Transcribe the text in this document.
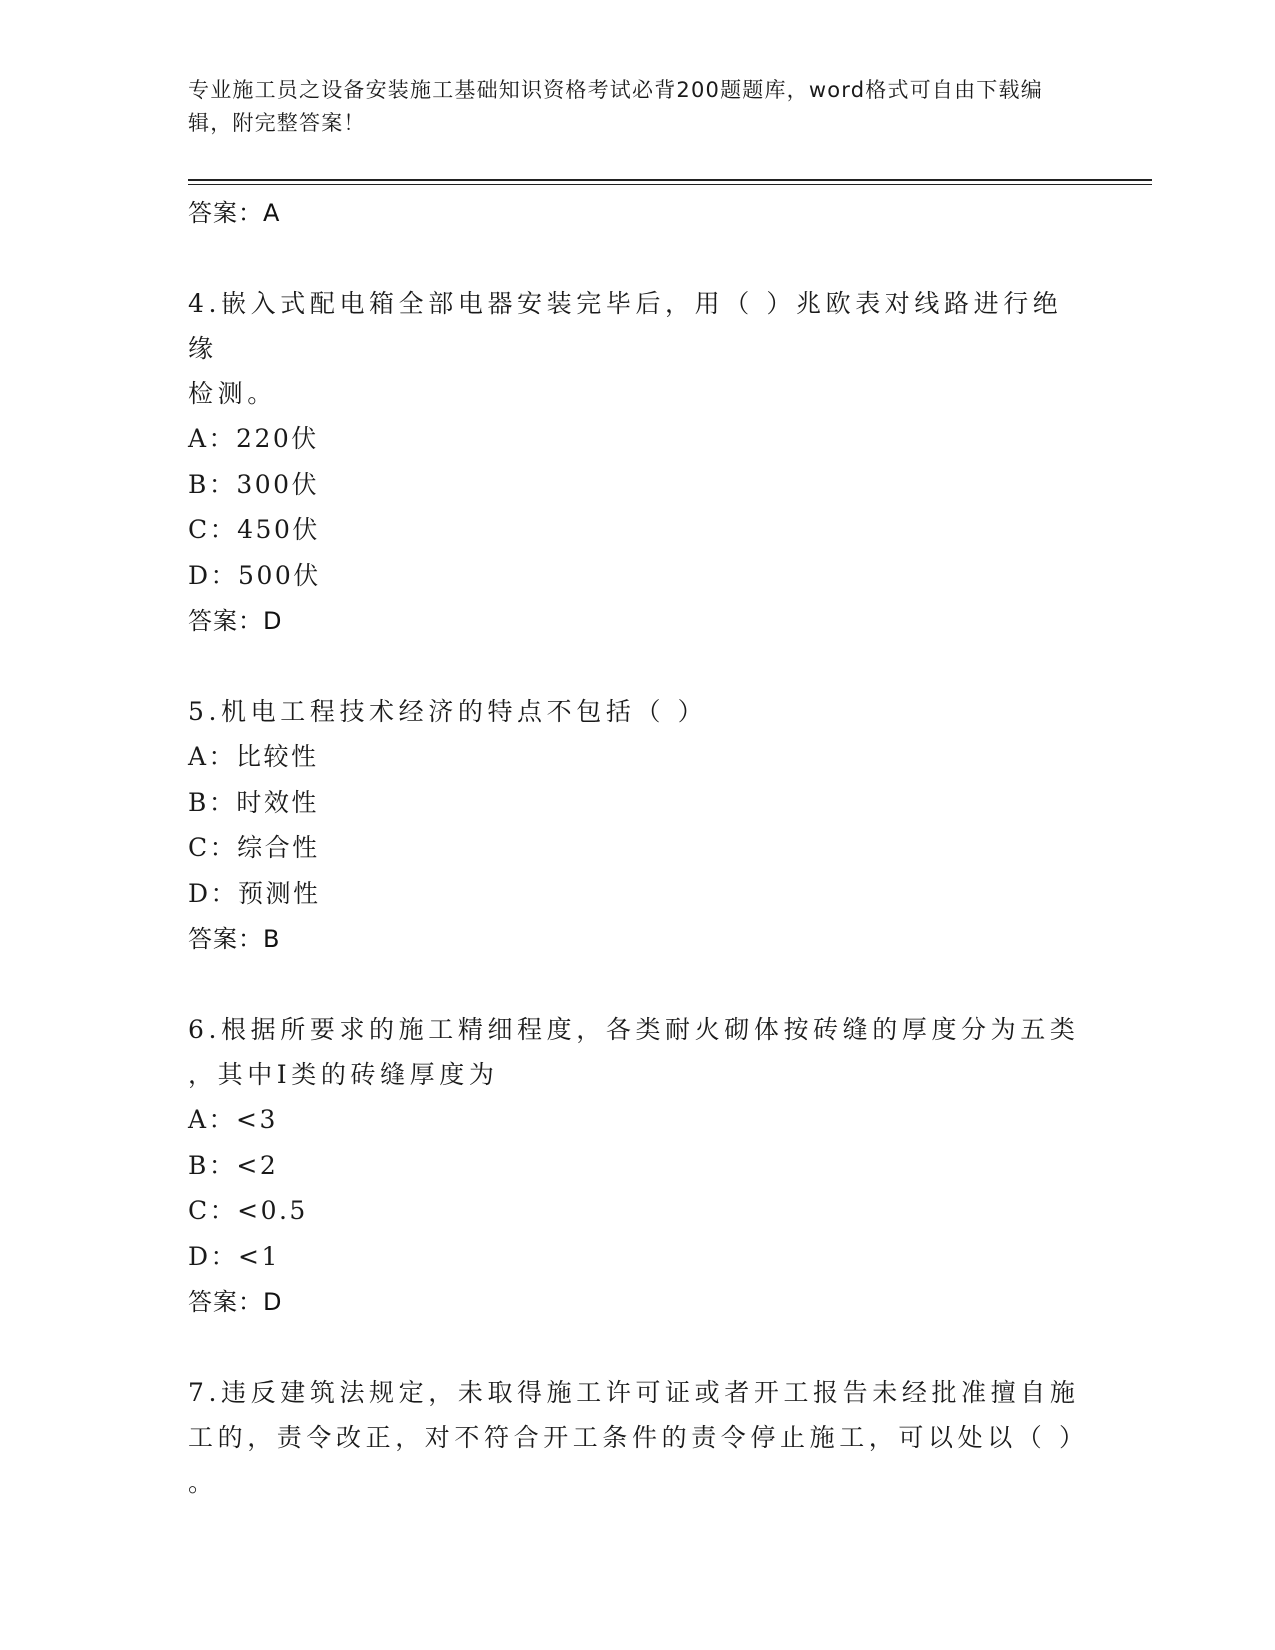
专业施工员之设备安装施工基础知识资格考试必背200题题库，word格式可自由下载编辑，附完整答案！

答案：A

4.嵌入式配电箱全部电器安装完毕后，用（ ）兆欧表对线路进行绝缘

检测。

A：220伏

B：300伏

C：450伏

D：500伏

答案：D

5.机电工程技术经济的特点不包括（ ）

A：比较性

B：时效性

C：综合性

D：预测性

答案：B

6.根据所要求的施工精细程度，各类耐火砌体按砖缝的厚度分为五类

，其中Ⅰ类的砖缝厚度为

A：<3

B：<2

C：<0.5

D：<1

答案：D

7.违反建筑法规定，未取得施工许可证或者开工报告未经批准擅自施

工的，责令改正，对不符合开工条件的责令停止施工，可以处以（ ）

。
